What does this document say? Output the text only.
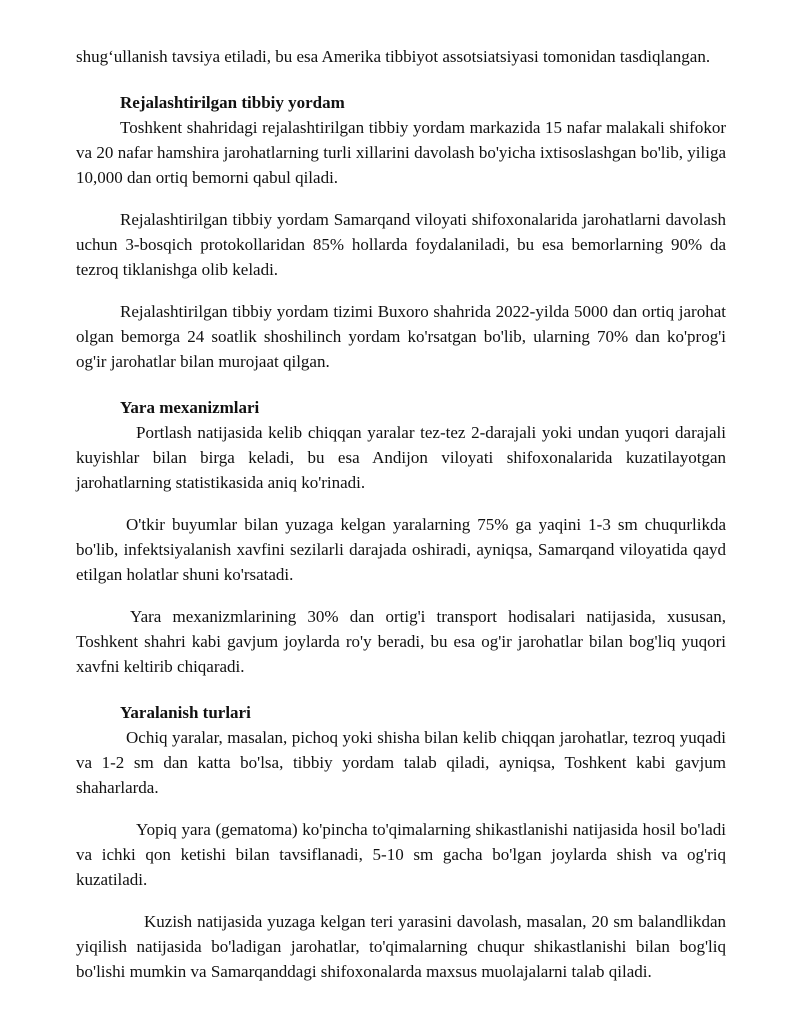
shug‘ullanish tavsiya etiladi, bu esa Amerika tibbiyot assotsiatsiyasi tomonidan tasdiqlangan.

Rejalashtirilgan tibbiy yordam

Toshkent shahridagi rejalashtirilgan tibbiy yordam markazida 15 nafar malakali shifokor va 20 nafar hamshira jarohatlarning turli xillarini davolash bo'yicha ixtisoslashgan bo'lib, yiliga 10,000 dan ortiq bemorni qabul qiladi.

Rejalashtirilgan tibbiy yordam Samarqand viloyati shifoxonalarida jarohatlarni davolash uchun 3-bosqich protokollaridan 85% hollarda foydalaniladi, bu esa bemorlarning 90% da tezroq tiklanishga olib keladi.

Rejalashtirilgan tibbiy yordam tizimi Buxoro shahrida 2022-yilda 5000 dan ortiq jarohat olgan bemorga 24 soatlik shoshilinch yordam ko'rsatgan bo'lib, ularning 70% dan ko'prog'i og'ir jarohatlar bilan murojaat qilgan.

Yara mexanizmlari

Portlash natijasida kelib chiqqan yaralar tez-tez 2-darajali yoki undan yuqori darajali kuyishlar bilan birga keladi, bu esa Andijon viloyati shifoxonalarida kuzatilayotgan jarohatlarning statistikasida aniq ko'rinadi.

O'tkir buyumlar bilan yuzaga kelgan yaralarning 75% ga yaqini 1-3 sm chuqurlikda bo'lib, infektsiyalanish xavfini sezilarli darajada oshiradi, ayniqsa, Samarqand viloyatida qayd etilgan holatlar shuni ko'rsatadi.

Yara mexanizmlarining 30% dan ortig'i transport hodisalari natijasida, xususan, Toshkent shahri kabi gavjum joylarda ro'y beradi, bu esa og'ir jarohatlar bilan bog'liq yuqori xavfni keltirib chiqaradi.

Yaralanish turlari

Ochiq yaralar, masalan, pichoq yoki shisha bilan kelib chiqqan jarohatlar, tezroq yuqadi va 1-2 sm dan katta bo'lsa, tibbiy yordam talab qiladi, ayniqsa, Toshkent kabi gavjum shaharlarda.

Yopiq yara (gematoma) ko'pincha to'qimalarning shikastlanishi natijasida hosil bo'ladi va ichki qon ketishi bilan tavsiflanadi, 5-10 sm gacha bo'lgan joylarda shish va og'riq kuzatiladi.

Kuzish natijasida yuzaga kelgan teri yarasini davolash, masalan, 20 sm balandlikdan yiqilish natijasida bo'ladigan jarohatlar, to'qimalarning chuqur shikastlanishi bilan bog'liq bo'lishi mumkin va Samarqanddagi shifoxonalarda maxsus muolajalarni talab qiladi.
